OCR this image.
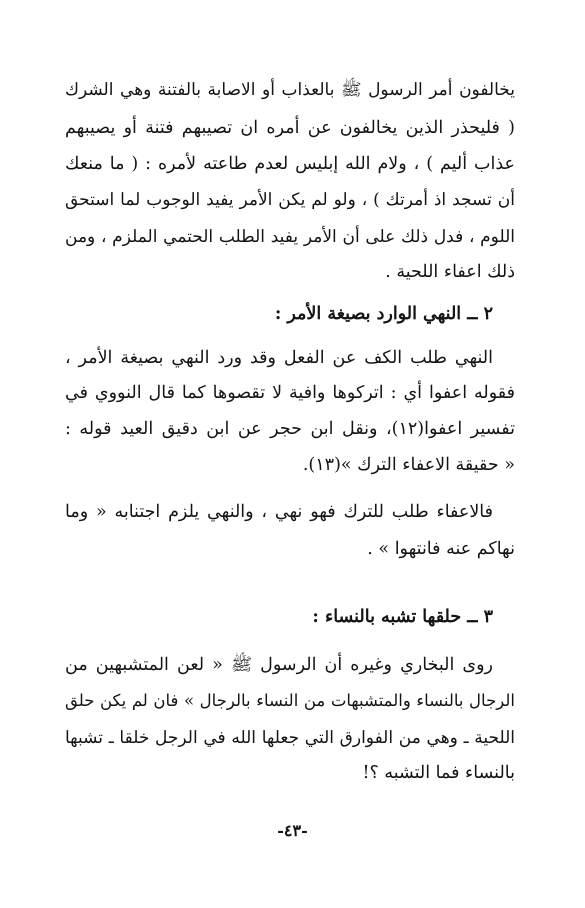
يخالفون أمر الرسول ﷺ بالعذاب أو الاصابة بالفتنة وهي الشرك
( فليحذر الذين يخالفون عن أمره ان تصيبهم فتنة أو يصيبهم
عذاب أليم ) ، ولام الله إبليس لعدم طاعته لأمره : ( ما منعك
أن تسجد اذ أمرتك ) ، ولو لم يكن الأمر يفيد الوجوب لما استحق
اللوم ، فدل ذلك على أن الأمر يفيد الطلب الحتمي الملزم ، ومن
ذلك اعفاء اللحية .
٢ ــ النهي الوارد بصيغة الأمر :
النهي طلب الكف عن الفعل وقد ورد النهي بصيغة الأمر ،
فقوله اعفوا أي : اتركوها وافية لا تقصوها كما قال النووي في
تفسير اعفوا(١٢)، ونقل ابن حجر عن ابن دقيق العيد قوله :
« حقيقة الاعفاء الترك »(١٣).
فالاعفاء طلب للترك فهو نهي ، والنهي يلزم اجتنابه « وما
نهاكم عنه فانتهوا » .
٣ ــ حلقها تشبه بالنساء :
روى البخاري وغيره أن الرسول ﷺ « لعن المتشبهين من
الرجال بالنساء والمتشبهات من النساء بالرجال » فان لم يكن حلق
اللحية ـ وهي من الفوارق التي جعلها الله في الرجل خلقا ـ تشبها
بالنساء فما التشبه ؟!
-٤٣-
